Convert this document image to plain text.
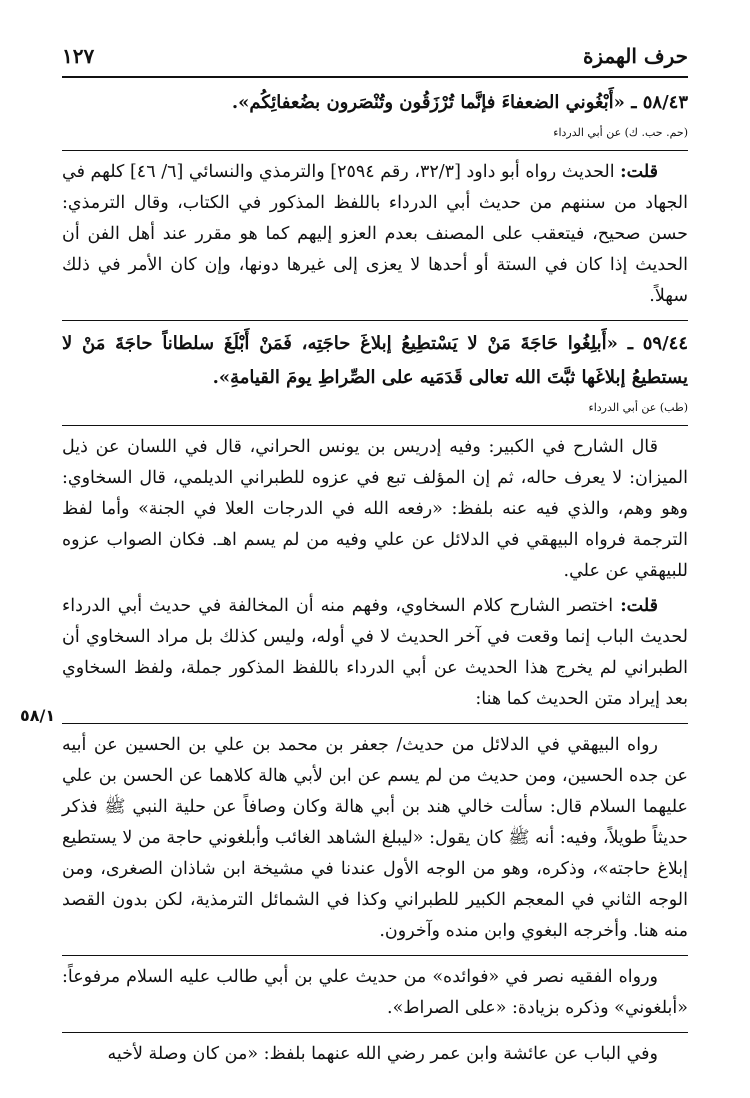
حرف الهمزة
١٢٧
٥٨/١

٥٨/٤٣ ـ «أَبْغُوني الضعفاءَ فإنَّما تُرْزَقُون وتُنْصَرون بضُعفائِكُم».

(حم. حب. ك) عن أبي الدرداء

قلت: الحديث رواه أبو داود [٣٢/٣، رقم ٢٥٩٤] والترمذي والنسائي [٦/ ٤٦] كلهم في الجهاد من سننهم من حديث أبي الدرداء باللفظ المذكور في الكتاب، وقال الترمذي: حسن صحيح، فيتعقب على المصنف بعدم العزو إليهم كما هو مقرر عند أهل الفن أن الحديث إذا كان في الستة أو أحدها لا يعزى إلى غيرها دونها، وإن كان الأمر في ذلك سهلاً.

٥٩/٤٤ ـ «أَبلِغُوا حَاجَةَ مَنْ لا يَسْتطِيعُ إبلاغَ حاجَتِه، فَمَنْ أَبْلَغَ سلطاناً حاجَةَ مَنْ لا يستطيعُ إبلاغَها ثبَّتَ الله تعالى قَدَمَيه على الصِّراطِ يومَ القيامةِ».

(طب) عن أبي الدرداء

قال الشارح في الكبير: وفيه إدريس بن يونس الحراني، قال في اللسان عن ذيل الميزان: لا يعرف حاله، ثم إن المؤلف تبع في عزوه للطبراني الديلمي، قال السخاوي: وهو وهم، والذي فيه عنه بلفظ: «رفعه الله في الدرجات العلا في الجنة» وأما لفظ الترجمة فرواه البيهقي في الدلائل عن علي وفيه من لم يسم اهـ. فكان الصواب عزوه للبيهقي عن علي.

قلت: اختصر الشارح كلام السخاوي، وفهم منه أن المخالفة في حديث أبي الدرداء لحديث الباب إنما وقعت في آخر الحديث لا في أوله، وليس كذلك بل مراد السخاوي أن الطبراني لم يخرج هذا الحديث عن أبي الدرداء باللفظ المذكور جملة، ولفظ السخاوي بعد إيراد متن الحديث كما هنا:

رواه البيهقي في الدلائل من حديث/ جعفر بن محمد بن علي بن الحسين عن أبيه عن جده الحسين، ومن حديث من لم يسم عن ابن لأبي هالة كلاهما عن الحسن بن علي عليهما السلام قال: سألت خالي هند بن أبي هالة وكان وصافاً عن حلية النبي ﷺ فذكر حديثاً طويلاً، وفيه: أنه ﷺ كان يقول: «ليبلغ الشاهد الغائب وأبلغوني حاجة من لا يستطيع إبلاغ حاجته»، وذكره، وهو من الوجه الأول عندنا في مشيخة ابن شاذان الصغرى، ومن الوجه الثاني في المعجم الكبير للطبراني وكذا في الشمائل الترمذية، لكن بدون القصد منه هنا. وأخرجه البغوي وابن منده وآخرون.

ورواه الفقيه نصر في «فوائده» من حديث علي بن أبي طالب عليه السلام مرفوعاً: «أبلغوني» وذكره بزيادة: «على الصراط».

وفي الباب عن عائشة وابن عمر رضي الله عنهما بلفظ: «من كان وصلة لأخيه
